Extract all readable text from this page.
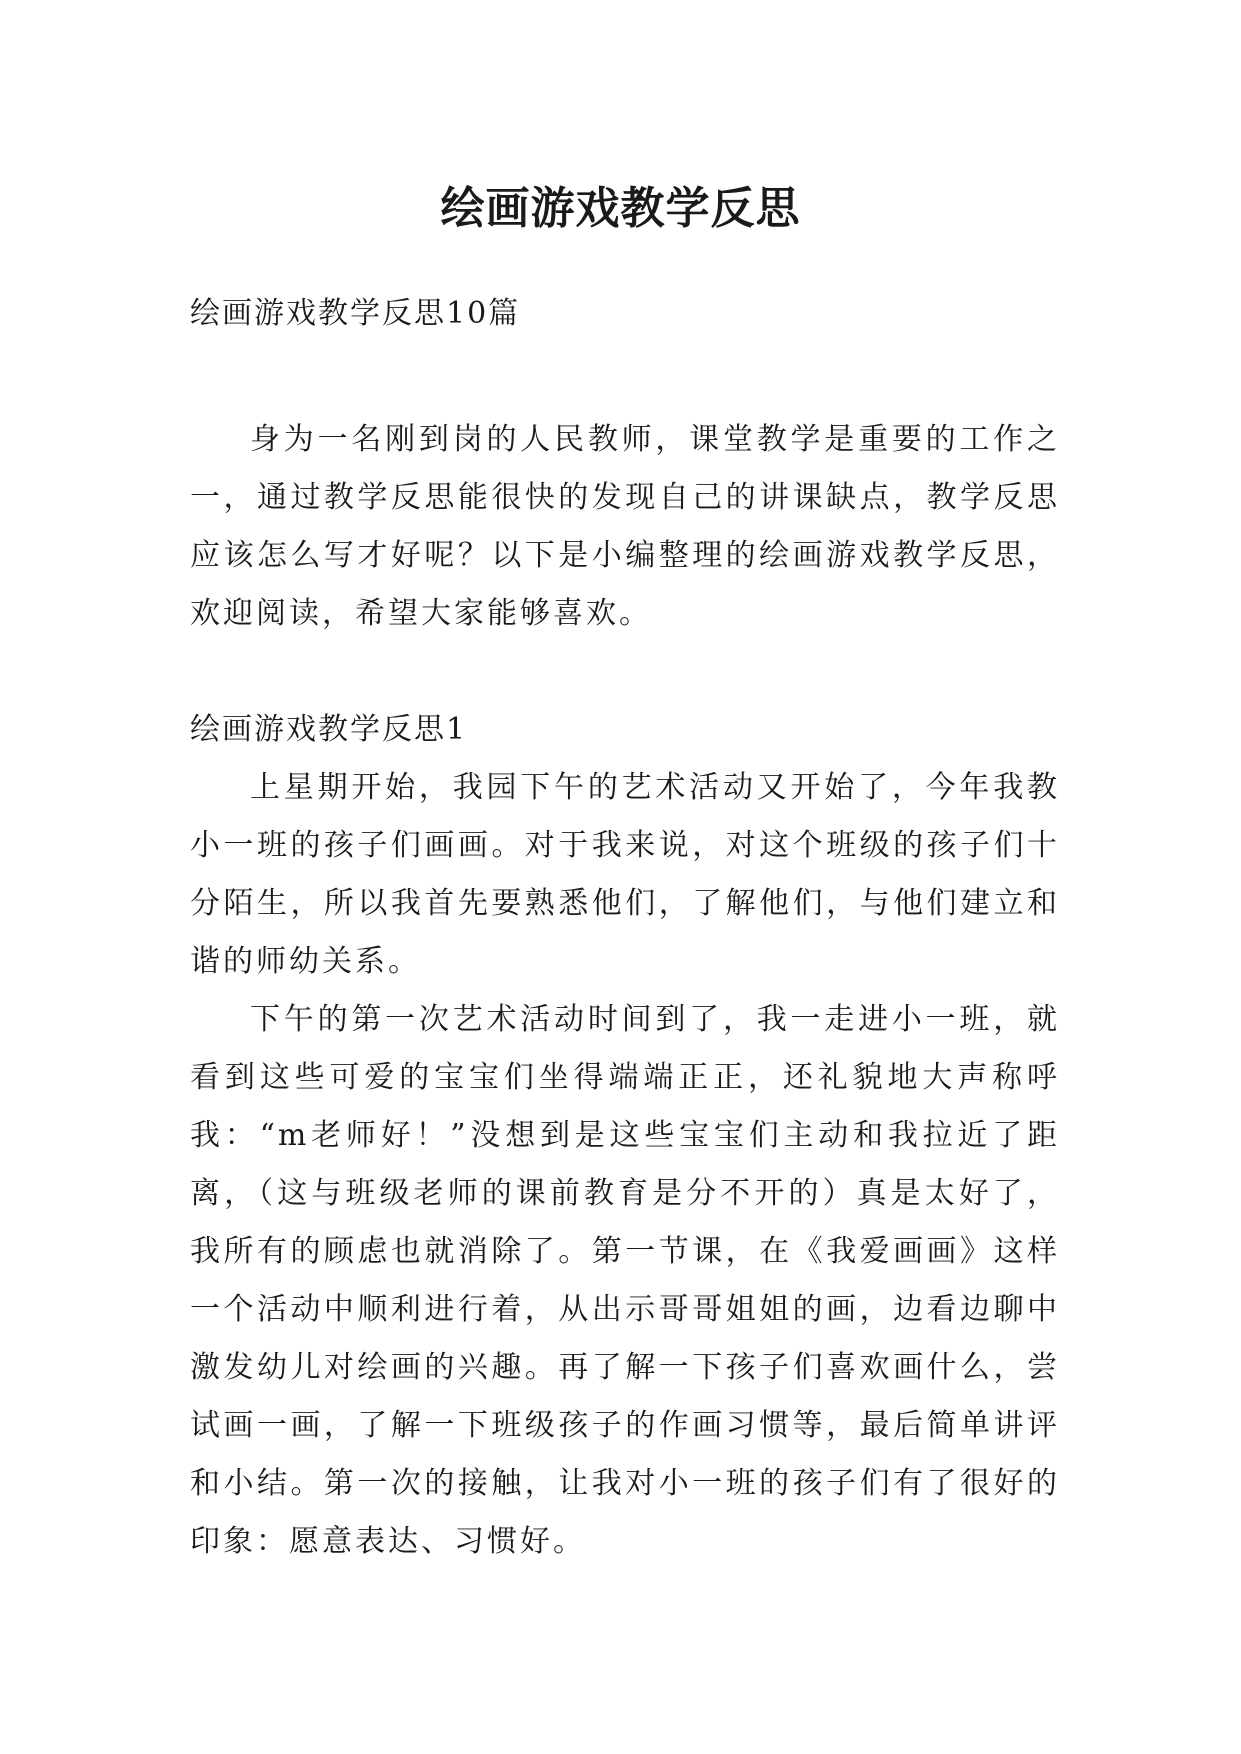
绘画游戏教学反思

绘画游戏教学反思10篇

身为一名刚到岗的人民教师，课堂教学是重要的工作之一，通过教学反思能很快的发现自己的讲课缺点，教学反思应该怎么写才好呢？以下是小编整理的绘画游戏教学反思，欢迎阅读，希望大家能够喜欢。

绘画游戏教学反思1

上星期开始，我园下午的艺术活动又开始了，今年我教小一班的孩子们画画。对于我来说，对这个班级的孩子们十分陌生，所以我首先要熟悉他们，了解他们，与他们建立和谐的师幼关系。

下午的第一次艺术活动时间到了，我一走进小一班，就看到这些可爱的宝宝们坐得端端正正，还礼貌地大声称呼我：“m老师好！”没想到是这些宝宝们主动和我拉近了距离，（这与班级老师的课前教育是分不开的）真是太好了，我所有的顾虑也就消除了。第一节课，在《我爱画画》这样一个活动中顺利进行着，从出示哥哥姐姐的画，边看边聊中激发幼儿对绘画的兴趣。再了解一下孩子们喜欢画什么，尝试画一画，了解一下班级孩子的作画习惯等，最后简单讲评和小结。第一次的接触，让我对小一班的孩子们有了很好的印象：愿意表达、习惯好。
